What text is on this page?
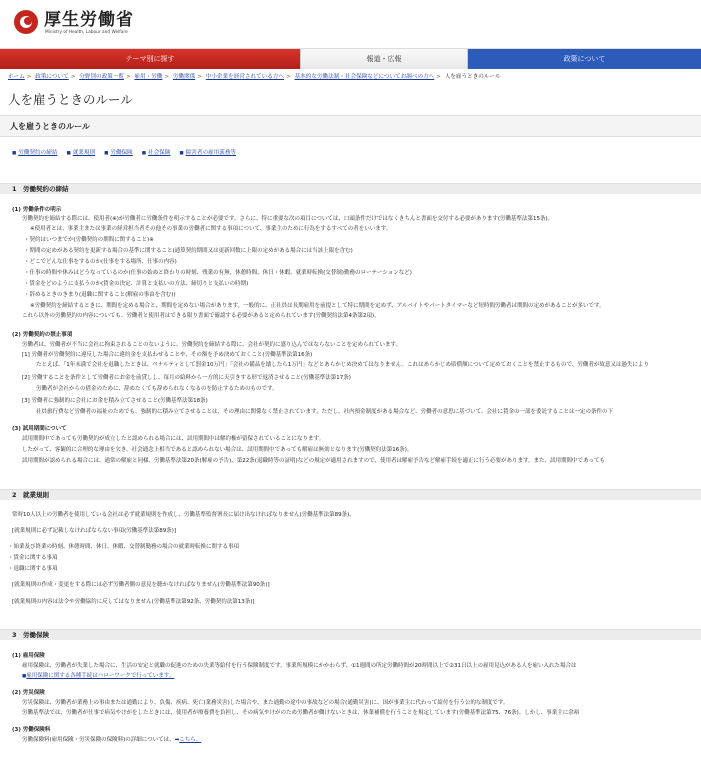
厚生労働省
Ministry of Health, Labour and Welfare
テーマ別に探す	報道・広報	政策について
ホーム > 政策について > 分野別の政策一覧 > 雇用・労働 > 労働関係 > 中小企業を経営されている方へ > 基本的な労働法制・社会保険などについてお調べの方へ > 人を雇うときのルール
人を雇うときのルール
人を雇うときのルール
■ 労働契約の締結	■ 就業規則	■ 労働保険	■ 社会保険	■ 障害者の雇用義務等
1　労働契約の締結
(1) 労働条件の明示
労働契約を締結する際には、使用者(※)が労働者に労働条件を明示することが必要です。さらに、特に重要な次の項目については、口頭条件だけではなくきちんと書面を交付する必要があります(労働基準法第15条)。
※使用者とは、事業主または事業の経営担当者その他その事業の労働者に関する事項について、事業主のために行為をするすべての者をいいます。
・ 契約はいつまでか(労働契約の期間に関すること)※
・ 期間の定めがある契約を更新する場合の基準に関すること(通算契約期間又は更新回数に上限の定めがある場合には当該上限を含む)
・ どこでどんな仕事をするのか(仕事をする場所、仕事の内容)
・ 仕事の時間や休みはどうなっているのか(仕事の始めと終わりの時刻、残業の有無、休憩時間、休日・休暇、就業時転換(交替制)勤務のローテーションなど)
・ 賃金をどのように支払うのか(賃金の決定、計算と支払いの方法、締切りと支払いの時期)
・ 辞めるときのきまり(退職に関すること(解雇の事由を含む))
※労働契約を締結するときに、期間を定める場合と、期間を定めない場合があります。一般的に、正社員は長期雇用を前提として特に期間を定めず、アルバイトやパートタイマーなど短時間労働者は期間の定めがあることが多いです。
これら以外の労働契約の内容についても、労働者と使用者はできる限り書面で確認する必要があると定められています(労働契約法第4条第2項)。
(2) 労働契約の禁止事項
労働者は、労働者が不当に会社に拘束されることのないように、労働契約を締結する際に、会社が契約に盛り込んではならないことを定められています。
[1] 労働者が労働契約に違反した場合に違約金を支払わせることや、その額を予め決めておくこと(労働基準法第16条)
たとえば、「1年未満で会社を退職したときは、ペナルティとして罰金10万円」「会社の備品を壊したら1万円」などとあらかじめ決めてはなりません。これはあらかじめ賠償額について定めておくことを禁止するもので、労働者が故意又は過失により
[2] 労働することを条件として労働者にお金を前貸しし、毎月の給料から一方的に天引きする形で返済させること(労働基準法第17条)
労働者が会社からの借金のために、辞めたくても辞められなくなるのを防止するためのものです。
[3] 労働者に強制的に会社にお金を積み立てさせること(労働基準法第18条)
社員旅行費など労働者の福祉のためでも、強制的に積み立てさせることは、その理由に関係なく禁止されています。ただし、社内預金制度がある場合など、労働者の意思に基づいて、会社に賃金の一部を委託することは一定の条件の下
(3) 試用期間について
試用期間中であっても労働契約が成立したと認められる場合には、試用期間中は解約権が留保されていることになります。
したがって、客観的に合理的な理由を欠き、社会通念上相当であると認められない場合は、試用期間中であっても解雇は無効となります(労働契約法第16条)。
試用期間が認められる場合には、通常の解雇と同様、労働基準法第20条(解雇の予告)、第22条(退職時等の証明)などの規定が適用されますので、使用者は解雇予告など解雇手続を適正に行う必要があります。また、試用期間中であっても
2　就業規則
常時10人以上の労働者を使用している会社は必ず就業規則を作成し、労働基準監督署長に届け出なければなりません(労働基準法第89条)。
[就業規則に必ず記載しなければならない事項(労働基準法第89条)]
・ 始業及び終業の時刻、休憩時間、休日、休暇、交替制勤務の場合の就業時転換に関する事項
・ 賃金に関する事項
・ 退職に関する事項
[就業規則の作成・変更をする際には必ず労働者側の意見を聴かなければなりません(労働基準法第90条)]
[就業規則の内容は法令や労働協約に反してはなりません(労働基準法第92条、労働契約法第13条)]
3　労働保険
(1) 雇用保険
雇用保険は、労働者が失業した場合に、生活の安定と就職の促進のための失業等給付を行う保険制度です。事業所規模にかかわらず、①1週間の所定労働時間が20時間以上で②31日以上の雇用見込がある人を雇い入れた場合は
■雇用保険に関する各種手続はハローワークで行っています。
(2) 労災保険
労災保険は、労働者が業務上の事由または通勤により、負傷、疾病、死亡(業務災害)した場合や、また通勤の途中の事故などの場合(通勤災害)に、国が事業主に代わって給付を行う公的な制度です。
労働基準法では、労働者が仕事で病気やけがをしたときには、使用者が療養費を負担し、その病気やけがのため労働者が働けないときは、休業補償を行うことを規定しています(労働基準法第75、76条)。しかし、事業主に余裕
(3) 労働保険料
労働保険料(雇用保険・労災保険の保険料)の詳細については、➡こちら。
